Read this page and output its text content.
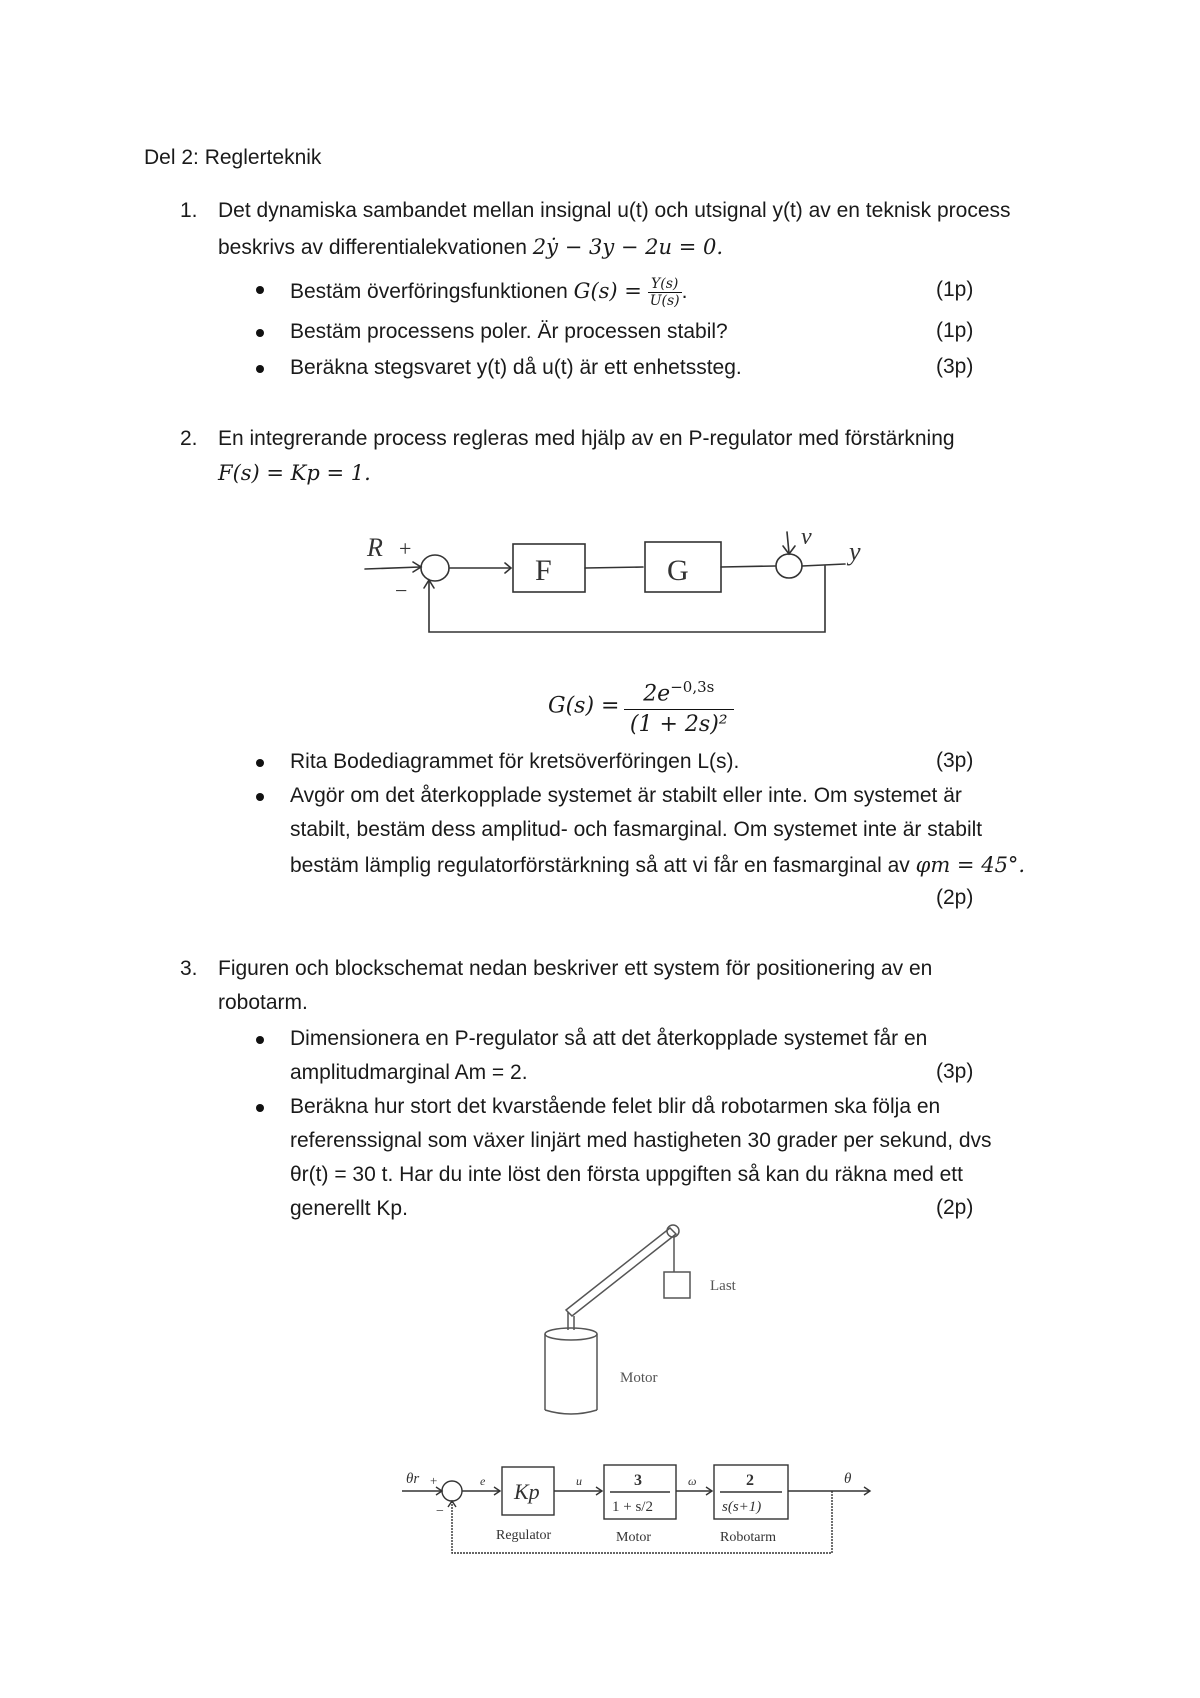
Del 2: Reglerteknik
1. Det dynamiska sambandet mellan insignal u(t) och utsignal y(t) av en teknisk process
beskrivs av differentialekvationen 2ẏ − 3y − 2u = 0.
Bestäm överföringsfunktionen $G(s) = \frac{Y(s)}{U(s)}$ .	(1p)
Bestäm processens poler. Är processen stabil?	(1p)
Beräkna stegsvaret y(t) då u(t) är ett enhetssteg.	(3p)
2. En integrerande process regleras med hjälp av en P-regulator med förstärkning
F(s) = Kp = 1.
R +
−
F	G
v y
$G(s) = \frac{2e^{-0,3s}}{\text{(1 + 2s)²}}$
Rita Bodediagrammet för kretsöverföringen L(s).	(3p)
Avgör om det återkopplade systemet är stabilt eller inte. Om systemet är
stabilt, bestäm dess amplitud- och fasmarginal. Om systemet inte är stabilt
bestäm lämplig regulatorförstärkning så att vi får en fasmarginal av φm = 45°.
(2p)
3. Figuren och blockschemat nedan beskriver ett system för positionering av en
robotarm.
Dimensionera en P-regulator så att det återkopplade systemet får en
amplitudmarginal Am = 2.	(3p)
Beräkna hur stort det kvarstående felet blir då robotarmen ska följa en
referenssignal som växer linjärt med hastigheten 30 grader per sekund, dvs
θr(t) = 30 t. Har du inte löst den första uppgiften så kan du räkna med ett
generellt Kp.	(2p)
Last
Motor
θr +
−
e Kp	u	3
1 + s/2
ω	2
s(s+1)
θ
Regulator	Motor	Robotarm
